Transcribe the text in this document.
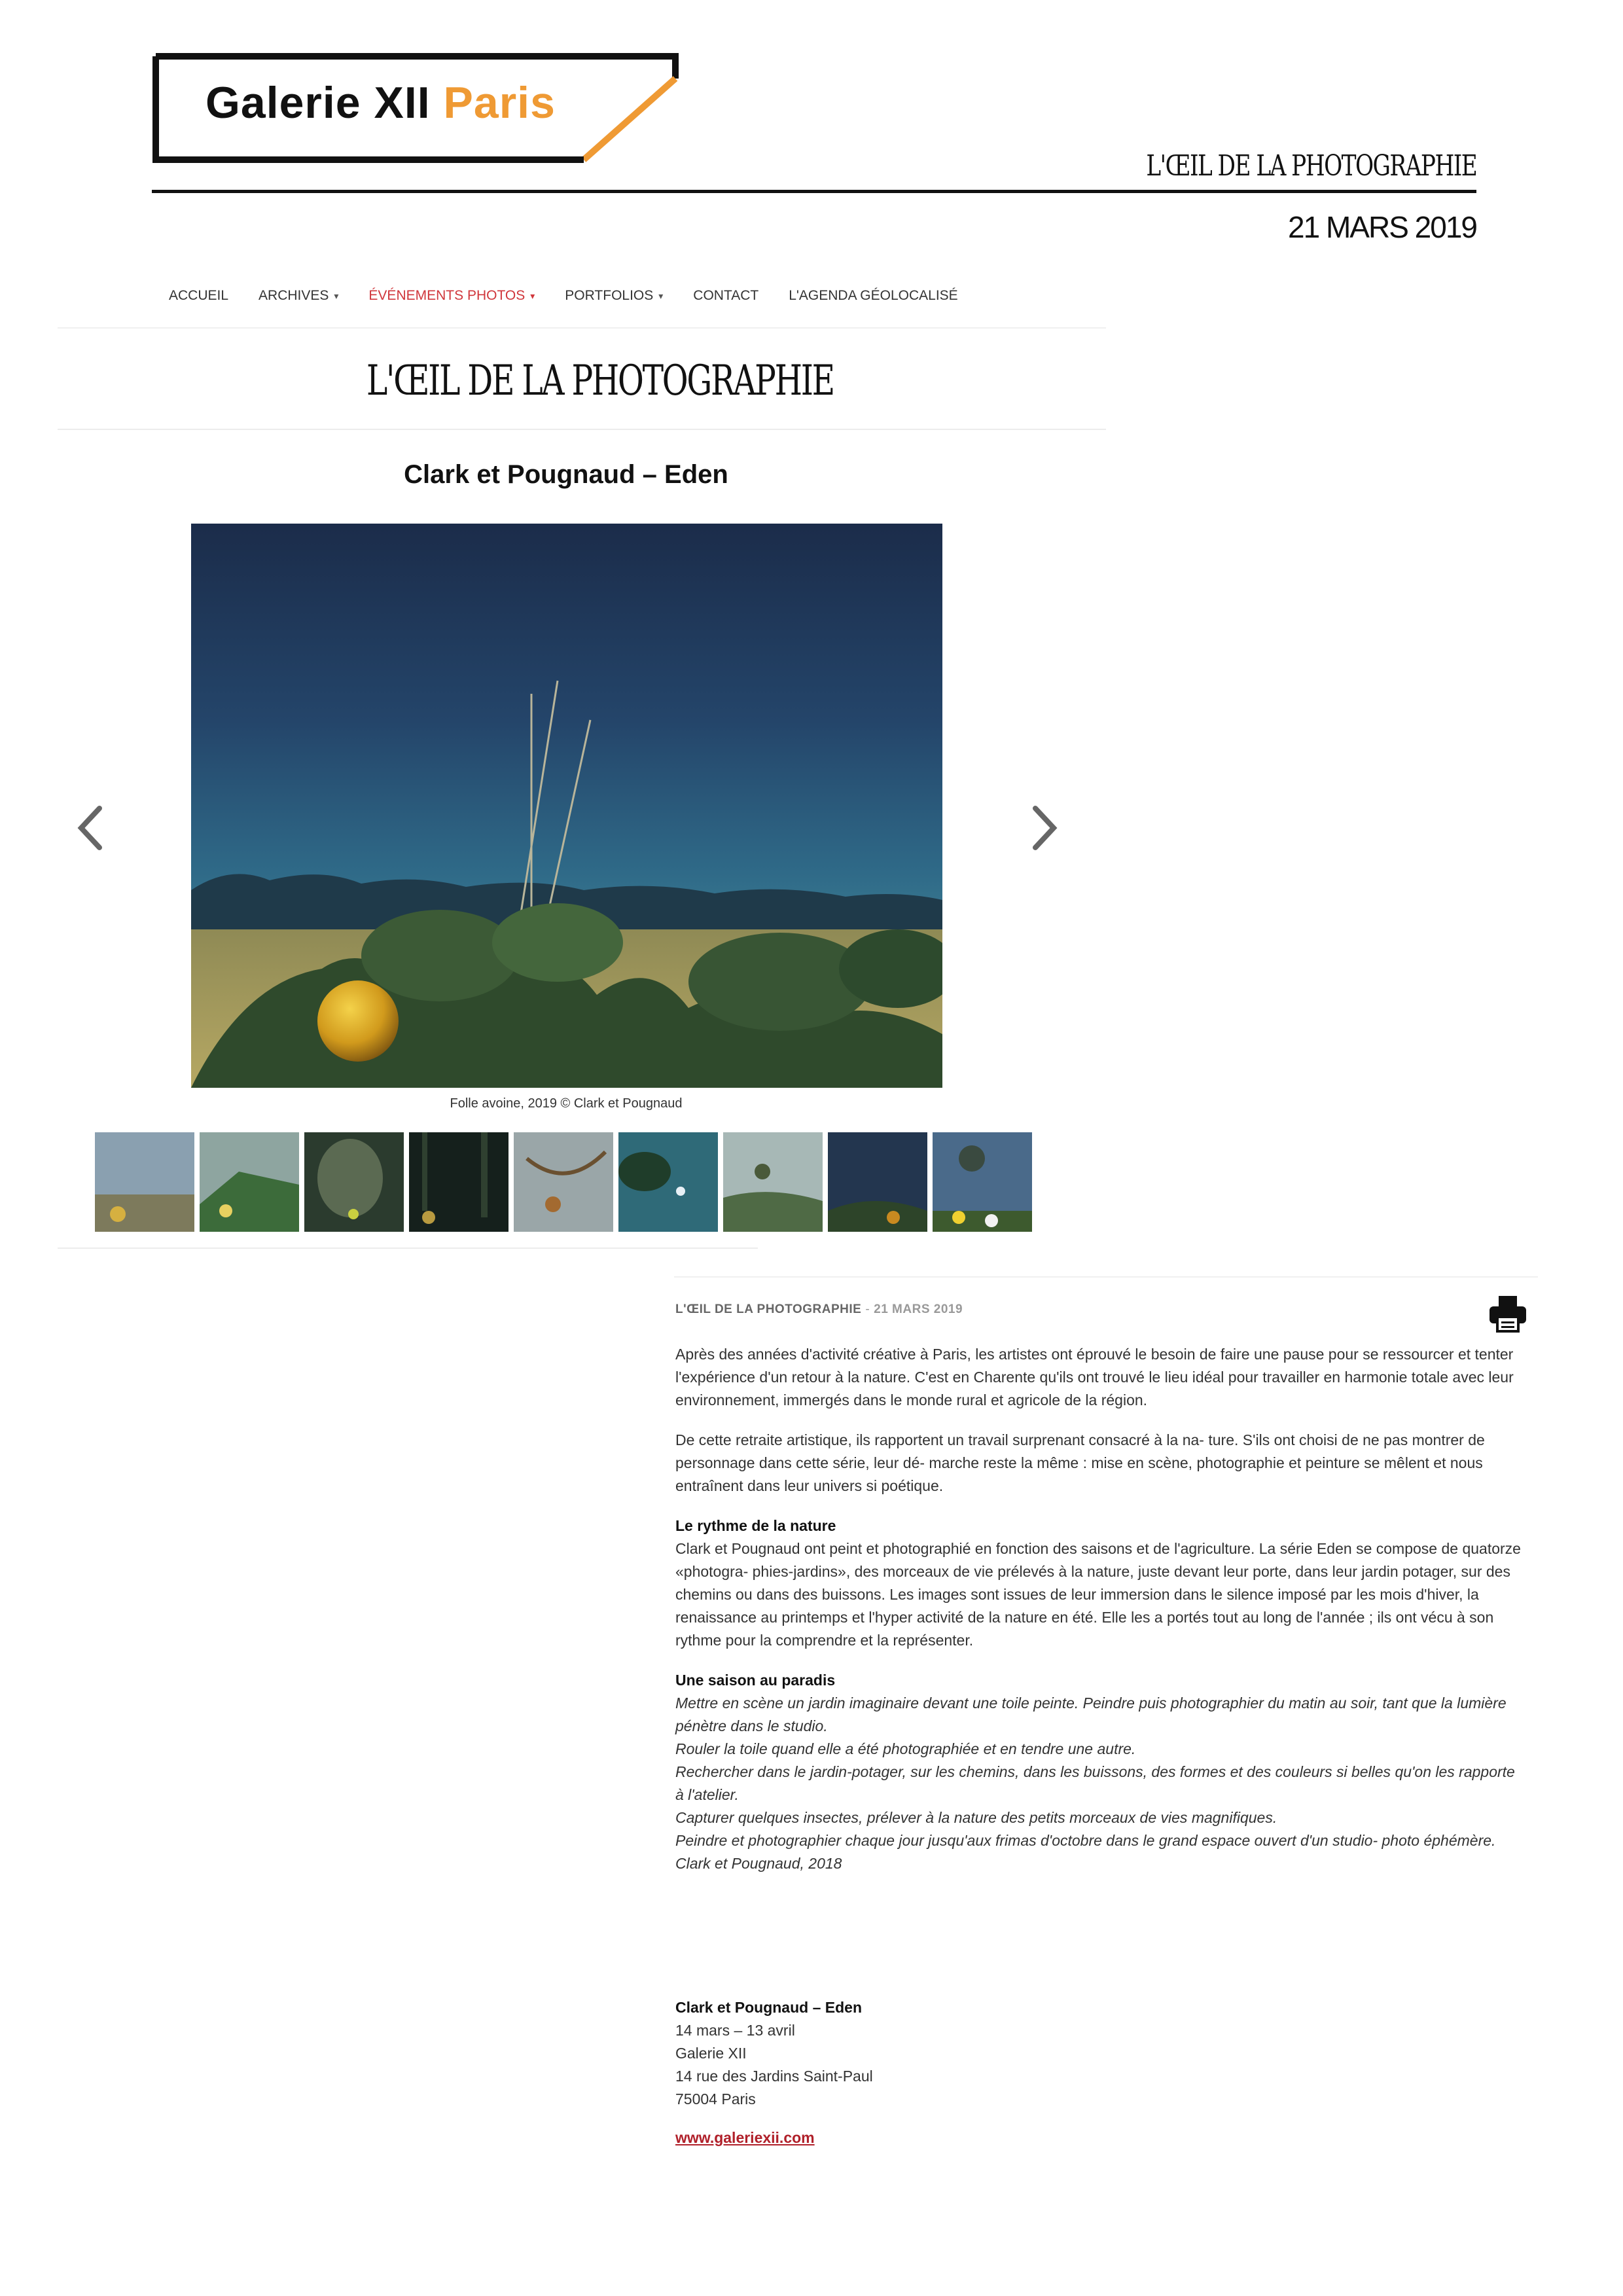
Galerie XII Paris
L'ŒIL DE LA PHOTOGRAPHIE
21 MARS 2019
ACCUEIL ARCHIVES ▾ ÉVÉNEMENTS PHOTOS ▾ PORTFOLIOS ▾ CONTACT L'AGENDA GÉOLOCALISÉ
L'ŒIL DE LA PHOTOGRAPHIE
Clark et Pougnaud – Eden
Folle avoine, 2019 © Clark et Pougnaud
L'ŒIL DE LA PHOTOGRAPHIE - 21 MARS 2019

Après des années d'activité créative à Paris, les artistes ont éprouvé le besoin de faire une pause pour se ressourcer et tenter l'expérience d'un retour à la nature. C'est en Charente qu'ils ont trouvé le lieu idéal pour travailler en harmonie totale avec leur environnement, immergés dans le monde rural et agricole de la région.

De cette retraite artistique, ils rapportent un travail surprenant consacré à la na- ture. S'ils ont choisi de ne pas montrer de personnage dans cette série, leur dé- marche reste la même : mise en scène, photographie et peinture se mêlent et nous entraînent dans leur univers si poétique.

Le rythme de la nature
Clark et Pougnaud ont peint et photographié en fonction des saisons et de l'agriculture. La série Eden se compose de quatorze «photogra- phies-jardins», des morceaux de vie prélevés à la nature, juste devant leur porte, dans leur jardin potager, sur des chemins ou dans des buissons. Les images sont issues de leur immersion dans le silence imposé par les mois d'hiver, la renaissance au printemps et l'hyper activité de la nature en été. Elle les a portés tout au long de l'année ; ils ont vécu à son rythme pour la comprendre et la représenter.
Une saison au paradis
Mettre en scène un jardin imaginaire devant une toile peinte. Peindre puis photographier du matin au soir, tant que la lumière pénètre dans le studio.
Rouler la toile quand elle a été photographiée et en tendre une autre.
Rechercher dans le jardin-potager, sur les chemins, dans les buissons, des formes et des couleurs si belles qu'on les rapporte à l'atelier.
Capturer quelques insectes, prélever à la nature des petits morceaux de vies magnifiques.
Peindre et photographier chaque jour jusqu'aux frimas d'octobre dans le grand espace ouvert d'un studio- photo éphémère.
Clark et Pougnaud, 2018
Clark et Pougnaud – Eden
14 mars – 13 avril
Galerie XII
14 rue des Jardins Saint-Paul
75004 Paris
www.galeriexii.com
